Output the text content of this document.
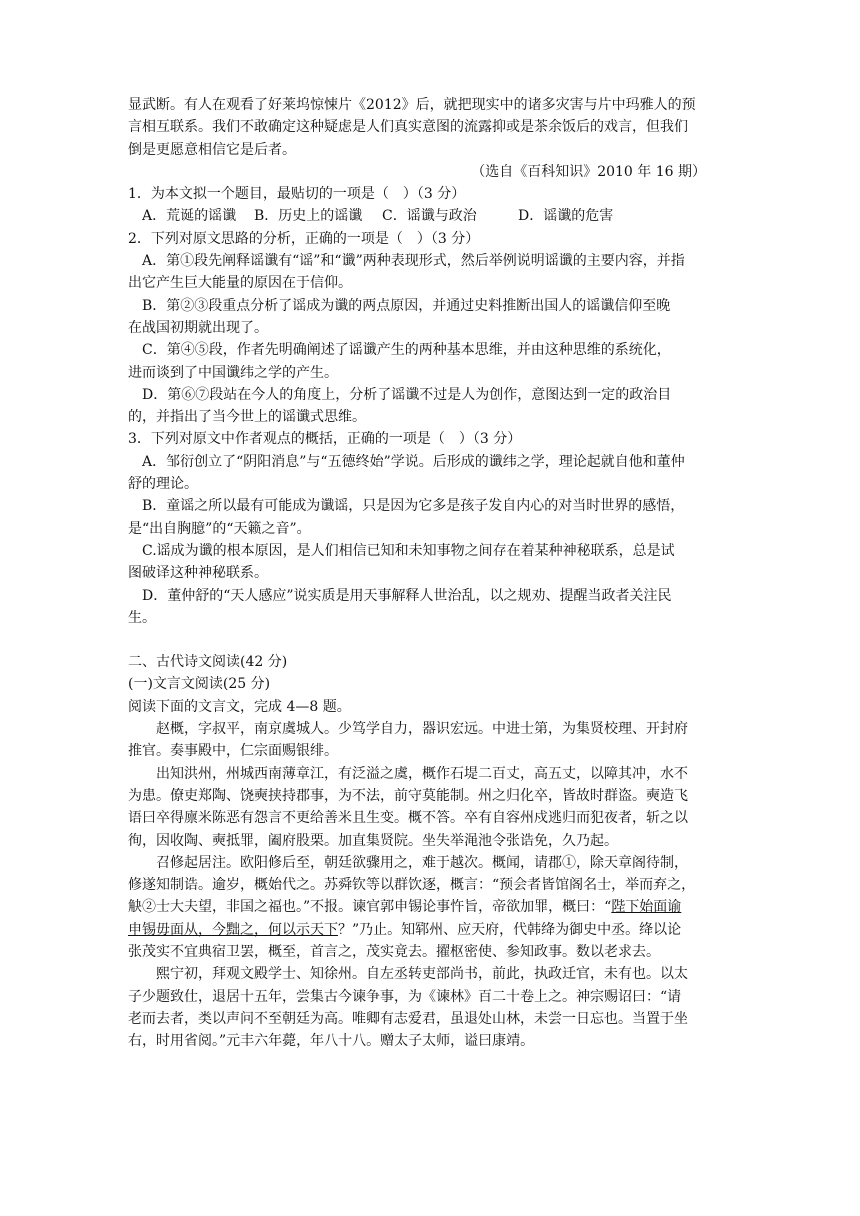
显武断。有人在观看了好莱坞惊悚片《2012》后，就把现实中的诸多灾害与片中玛雅人的预
言相互联系。我们不敢确定这种疑虑是人们真实意图的流露抑或是茶余饭后的戏言，但我们
倒是更愿意相信它是后者。

（选自《百科知识》2010 年 16 期）

1．为本文拟一个题目，最贴切的一项是（　）（3 分）

A．荒诞的谣谶	B．历史上的谣谶	C．谣谶与政治	D．谣谶的危害

2．下列对原文思路的分析，正确的一项是（　）（3 分）

A．第①段先阐释谣谶有“谣”和“谶”两种表现形式，然后举例说明谣谶的主要内容，并指
出它产生巨大能量的原因在于信仰。

B．第②③段重点分析了谣成为谶的两点原因，并通过史料推断出国人的谣谶信仰至晚
在战国初期就出现了。

C．第④⑤段，作者先明确阐述了谣谶产生的两种基本思维，并由这种思维的系统化，
进而谈到了中国谶纬之学的产生。

D．第⑥⑦段站在今人的角度上，分析了谣谶不过是人为创作，意图达到一定的政治目
的，并指出了当今世上的谣谶式思维。

3．下列对原文中作者观点的概括，正确的一项是（　）（3 分）

A．邹衍创立了“阴阳消息”与“五德终始”学说。后形成的谶纬之学，理论起就自他和董仲
舒的理论。

B．童谣之所以最有可能成为谶谣，只是因为它多是孩子发自内心的对当时世界的感悟，
是“出自胸臆”的“天籁之音”。

C.谣成为谶的根本原因，是人们相信已知和未知事物之间存在着某种神秘联系，总是试
图破译这种神秘联系。

D．董仲舒的“天人感应”说实质是用天事解释人世治乱，以之规劝、提醒当政者关注民
生。

二、古代诗文阅读(42 分)

(一)文言文阅读(25 分)

阅读下面的文言文，完成 4—8 题。

赵概，字叔平，南京虞城人。少笃学自力，器识宏远。中进士第，为集贤校理、开封府
推官。奏事殿中，仁宗面赐银绯。

出知洪州，州城西南薄章江，有泛溢之虞，概作石堤二百丈，高五丈，以障其冲，水不
为患。僚吏郑陶、饶奭挟持郡事，为不法，前守莫能制。州之归化卒，皆故时群盗。奭造飞
语曰卒得廪米陈恶有怨言不更给善米且生变。概不答。卒有自容州戍逃归而犯夜者，斩之以
徇，因收陶、奭抵罪，阖府股栗。加直集贤院。坐失举渑池令张诰免，久乃起。

召修起居注。欧阳修后至，朝廷欲骤用之，难于越次。概闻，请郡①，除天章阁待制，
修遂知制诰。逾岁，概始代之。苏舜钦等以群饮逐，概言：“预会者皆馆阁名士，举而弃之，
觖②士大夫望，非国之福也。”不报。谏官郭申锡论事忤旨，帝欲加罪，概曰：“陛下始面谕
申锡毋面从，今黜之，何以示天下？”乃止。知郓州、应天府，代韩绛为御史中丞。绛以论
张茂实不宜典宿卫罢，概至，首言之，茂实竟去。擢枢密使、参知政事。数以老求去。

熙宁初，拜观文殿学士、知徐州。自左丞转吏部尚书，前此，执政迁官，未有也。以太
子少题致仕，退居十五年，尝集古今谏争事，为《谏林》百二十卷上之。神宗赐诏曰：“请
老而去者，类以声问不至朝廷为高。唯卿有志爱君，虽退处山林，未尝一日忘也。当置于坐
右，时用省阅。”元丰六年薨，年八十八。赠太子太师，谥曰康靖。
